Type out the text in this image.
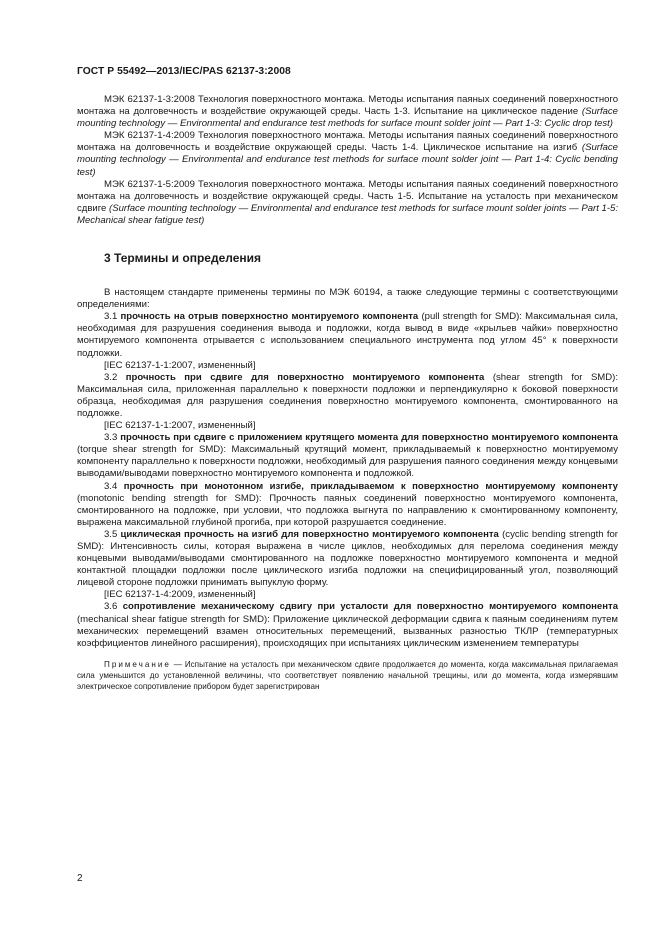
ГОСТ Р 55492—2013/IEC/PAS 62137-3:2008

МЭК 62137-1-3:2008 Технология поверхностного монтажа. Методы испытания паяных соединений поверхностного монтажа на долговечность и воздействие окружающей среды. Часть 1-3. Испытание на циклическое падение (Surface mounting technology — Environmental and endurance test methods for surface mount solder joint — Part 1-3: Cyclic drop test)

МЭК 62137-1-4:2009 Технология поверхностного монтажа. Методы испытания паяных соединений поверхностного монтажа на долговечность и воздействие окружающей среды. Часть 1-4. Циклическое испытание на изгиб (Surface mounting technology — Environmental and endurance test methods for surface mount solder joint — Part 1-4: Cyclic bending test)

МЭК 62137-1-5:2009 Технология поверхностного монтажа. Методы испытания паяных соединений поверхностного монтажа на долговечность и воздействие окружающей среды. Часть 1-5. Испытание на усталость при механическом сдвиге (Surface mounting technology — Environmental and endurance test methods for surface mount solder joints — Part 1-5: Mechanical shear fatigue test)

3 Термины и определения

В настоящем стандарте применены термины по МЭК 60194, а также следующие термины с соответствующими определениями:

3.1 прочность на отрыв поверхностно монтируемого компонента (pull strength for SMD): Максимальная сила, необходимая для разрушения соединения вывода и подложки, когда вывод в виде «крыльев чайки» поверхностно монтируемого компонента отрывается с использованием специального инструмента под углом 45° к поверхности подложки.

[IEC 62137-1-1:2007, измененный]

3.2 прочность при сдвиге для поверхностно монтируемого компонента (shear strength for SMD): Максимальная сила, приложенная параллельно к поверхности подложки и перпендикулярно к боковой поверхности образца, необходимая для разрушения соединения поверхностно монтируемого компонента, смонтированного на подложке.

[IEC 62137-1-1:2007, измененный]

3.3 прочность при сдвиге с приложением крутящего момента для поверхностно монтируемого компонента (torque shear strength for SMD): Максимальный крутящий момент, прикладываемый к поверхностно монтируемому компоненту параллельно к поверхности подложки, необходимый для разрушения паяного соединения между концевыми выводами/выводами поверхностно монтируемого компонента и подложкой.

3.4 прочность при монотонном изгибе, прикладываемом к поверхностно монтируемому компоненту (monotonic bending strength for SMD): Прочность паяных соединений поверхностно монтируемого компонента, смонтированного на подложке, при условии, что подложка выгнута по направлению к смонтированному компоненту, выражена максимальной глубиной прогиба, при которой разрушается соединение.

3.5 циклическая прочность на изгиб для поверхностно монтируемого компонента (cyclic bending strength for SMD): Интенсивность силы, которая выражена в числе циклов, необходимых для перелома соединения между концевыми выводами/выводами смонтированного на подложке поверхностно монтируемого компонента и медной контактной площадки подложки после циклического изгиба подложки на специфицированный угол, позволяющий лицевой стороне подложки принимать выпуклую форму.

[IEC 62137-1-4:2009, измененный]

3.6 сопротивление механическому сдвигу при усталости для поверхностно монтируемого компонента (mechanical shear fatigue strength for SMD): Приложение циклической деформации сдвига к паяным соединениям путем механических перемещений взамен относительных перемещений, вызванных разностью ТКЛР (температурных коэффициентов линейного расширения), происходящих при испытаниях циклическим изменением температуры

Примечание — Испытание на усталость при механическом сдвиге продолжается до момента, когда максимальная прилагаемая сила уменьшится до установленной величины, что соответствует появлению начальной трещины, или до момента, когда измерявшим электрическое сопротивление прибором будет зарегистрирован

2
